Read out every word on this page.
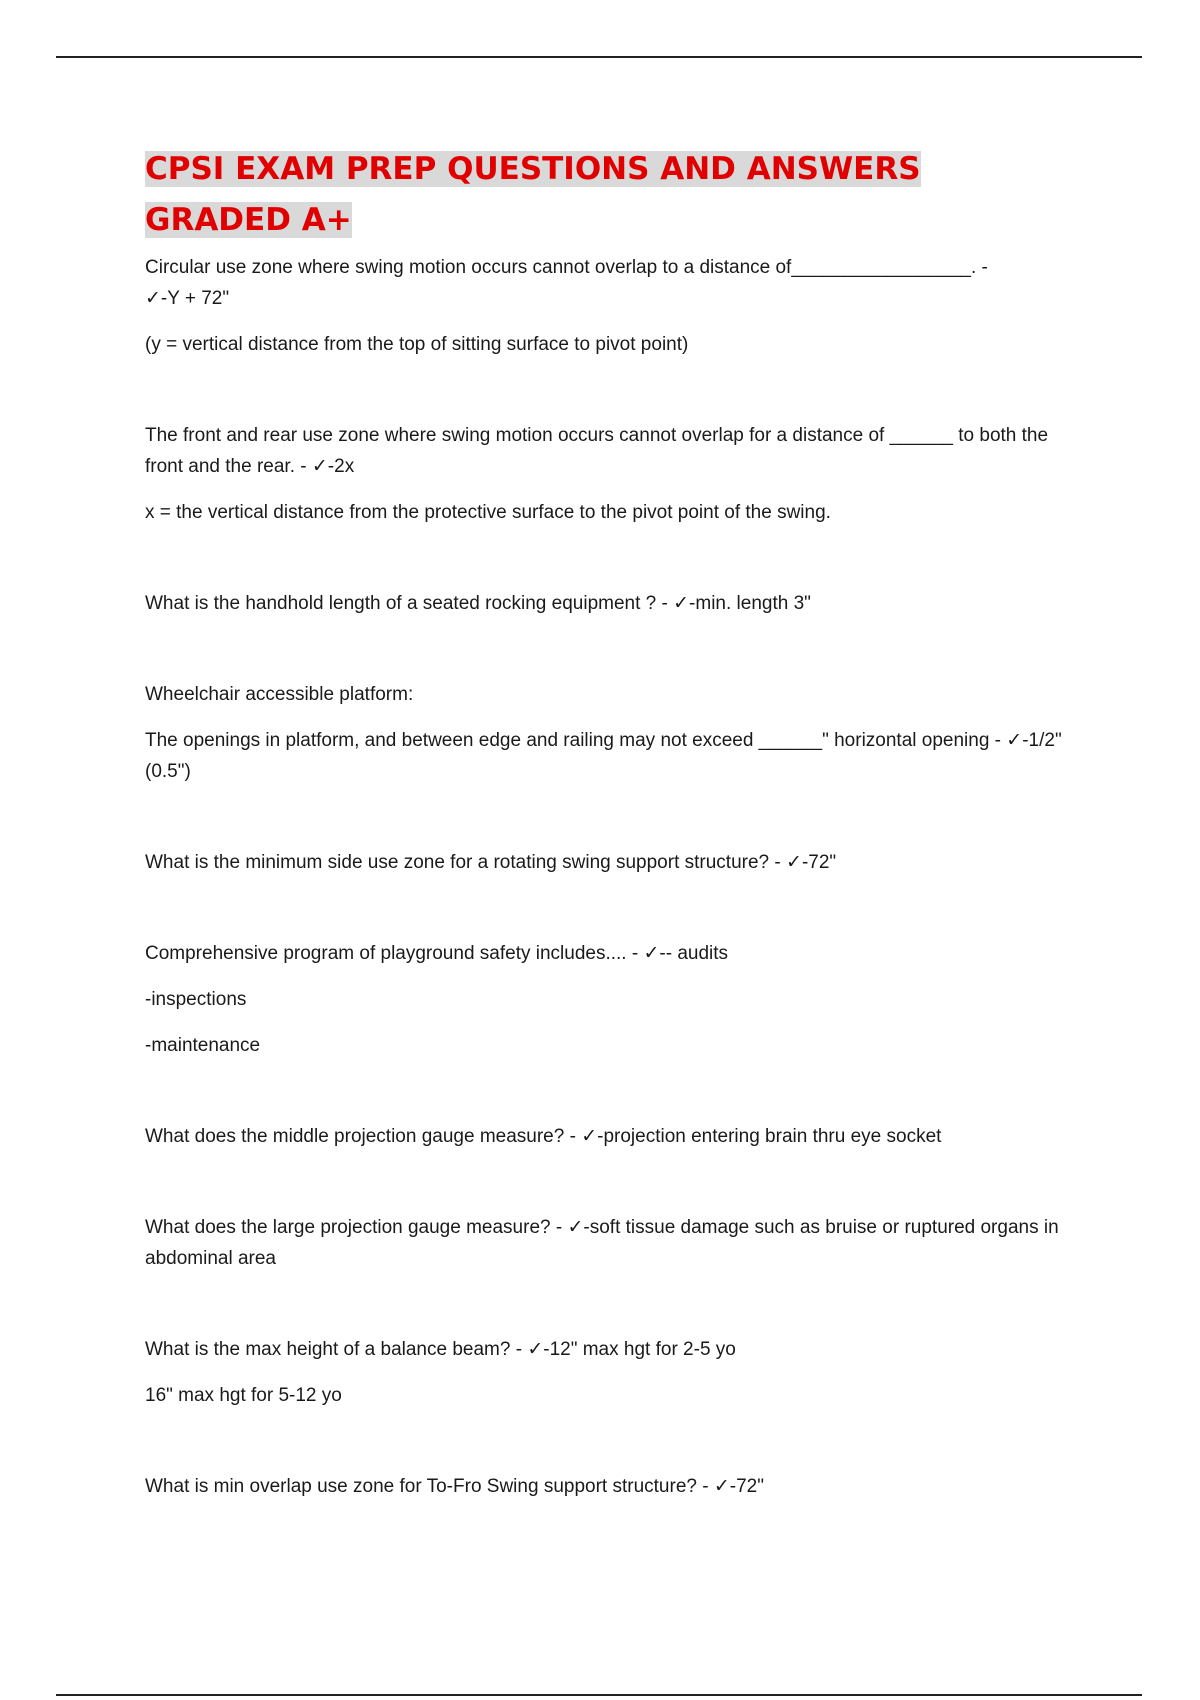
CPSI EXAM PREP QUESTIONS AND ANSWERS
GRADED A+

Circular use zone where swing motion occurs cannot overlap to a distance of_________________. -
✓-Y + 72"

(y = vertical distance from the top of sitting surface to pivot point)

The front and rear use zone where swing motion occurs cannot overlap for a distance of ______ to both the front and the rear. - ✓-2x

x = the vertical distance from the protective surface to the pivot point of the swing.

What is the handhold length of a seated rocking equipment ? - ✓-min. length 3"

Wheelchair accessible platform:

The openings in platform, and between edge and railing may not exceed ______" horizontal opening - ✓-1/2" (0.5")

What is the minimum side use zone for a rotating swing support structure? - ✓-72"

Comprehensive program of playground safety includes.... - ✓-- audits

-inspections

-maintenance

What does the middle projection gauge measure? - ✓-projection entering brain thru eye socket

What does the large projection gauge measure? - ✓-soft tissue damage such as bruise or ruptured organs in abdominal area

What is the max height of a balance beam? - ✓-12" max hgt for 2-5 yo

16" max hgt for 5-12 yo

What is min overlap use zone for To-Fro Swing support structure? - ✓-72"
